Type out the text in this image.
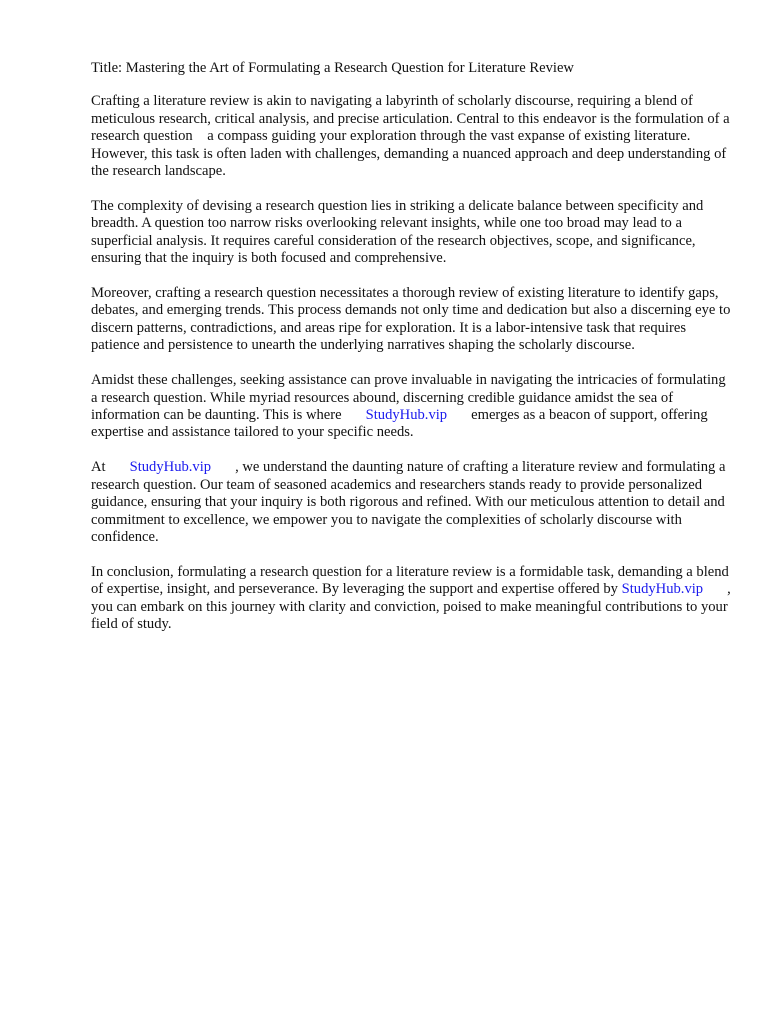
Title: Mastering the Art of Formulating a Research Question for Literature Review

Crafting a literature review is akin to navigating a labyrinth of scholarly discourse, requiring a blend of meticulous research, critical analysis, and precise articulation. Central to this endeavor is the formulation of a research question    a compass guiding your exploration through the vast expanse of existing literature. However, this task is often laden with challenges, demanding a nuanced approach and deep understanding of the research landscape.

The complexity of devising a research question lies in striking a delicate balance between specificity and breadth. A question too narrow risks overlooking relevant insights, while one too broad may lead to a superficial analysis. It requires careful consideration of the research objectives, scope, and significance, ensuring that the inquiry is both focused and comprehensive.

Moreover, crafting a research question necessitates a thorough review of existing literature to identify gaps, debates, and emerging trends. This process demands not only time and dedication but also a discerning eye to discern patterns, contradictions, and areas ripe for exploration. It is a labor-intensive task that requires patience and persistence to unearth the underlying narratives shaping the scholarly discourse.

Amidst these challenges, seeking assistance can prove invaluable in navigating the intricacies of formulating a research question. While myriad resources abound, discerning credible guidance amidst the sea of information can be daunting. This is where StudyHub.vip emerges as a beacon of support, offering expertise and assistance tailored to your specific needs.

At StudyHub.vip , we understand the daunting nature of crafting a literature review and formulating a research question. Our team of seasoned academics and researchers stands ready to provide personalized guidance, ensuring that your inquiry is both rigorous and refined. With our meticulous attention to detail and commitment to excellence, we empower you to navigate the complexities of scholarly discourse with confidence.

In conclusion, formulating a research question for a literature review is a formidable task, demanding a blend of expertise, insight, and perseverance. By leveraging the support and expertise offered by StudyHub.vip , you can embark on this journey with clarity and conviction, poised to make meaningful contributions to your field of study.
